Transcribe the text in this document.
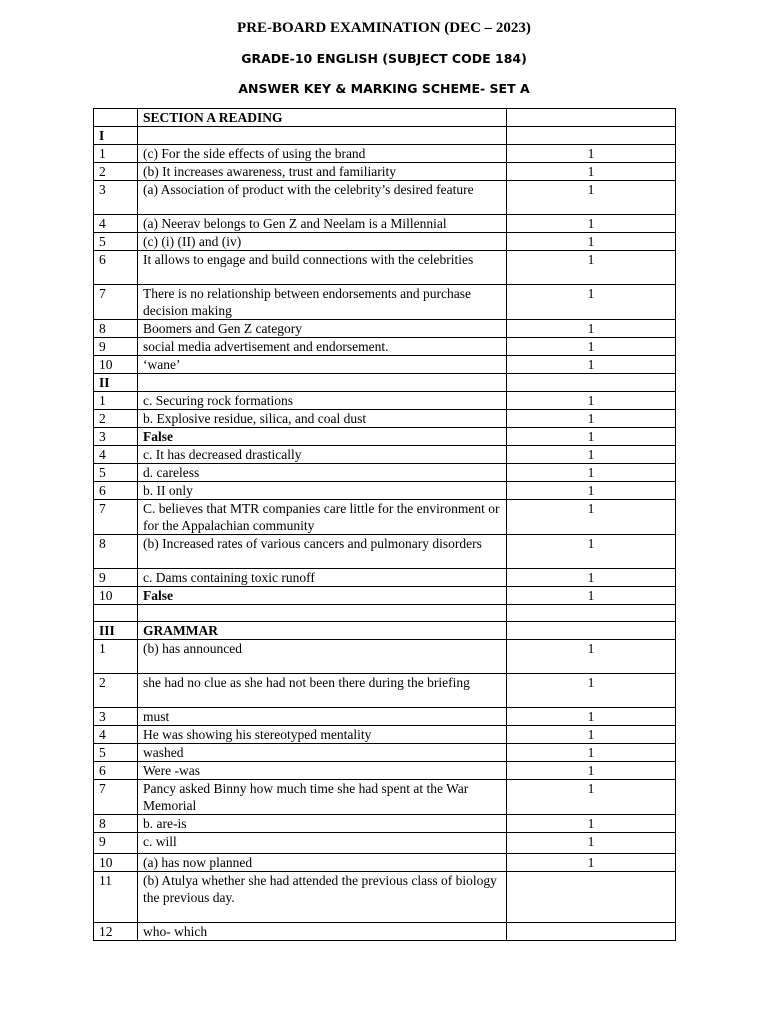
PRE-BOARD EXAMINATION (DEC – 2023)
GRADE-10 ENGLISH (SUBJECT CODE 184)
ANSWER KEY & MARKING SCHEME- SET A
	SECTION A READING	
I		
1	(c) For the side effects of using the brand	1
2	(b) It increases awareness, trust and familiarity	1
3	(a) Association of product with the celebrity’s desired feature	1
4	(a) Neerav belongs to Gen Z and Neelam is a Millennial	1
5	(c) (i) (II) and (iv)	1
6	It allows to engage and build connections with the celebrities	1
7	There is no relationship between endorsements and purchase decision making	1
8	Boomers and Gen Z category	1
9	social media advertisement and endorsement.	1
10	‘wane’	1
II		
1	c. Securing rock formations	1
2	b. Explosive residue, silica, and coal dust	1
3	False	1
4	c. It has decreased drastically	1
5	d. careless	1
6	b. II only	1
7	C. believes that MTR companies care little for the environment or for the Appalachian community	1
8	(b) Increased rates of various cancers and pulmonary disorders	1
9	c. Dams containing toxic runoff	1
10	False	1

III	GRAMMAR	
1	(b) has announced	1
2	she had no clue as she had not been there during the briefing	1
3	must	1
4	He was showing his stereotyped mentality	1
5	washed	1
6	Were -was	1
7	Pancy asked Binny how much time she had spent at the War Memorial	1
8	b. are-is	1
9	c. will	1
10	(a) has now planned	1
11	(b) Atulya whether she had attended the previous class of biology the previous day.	
12	who- which	
